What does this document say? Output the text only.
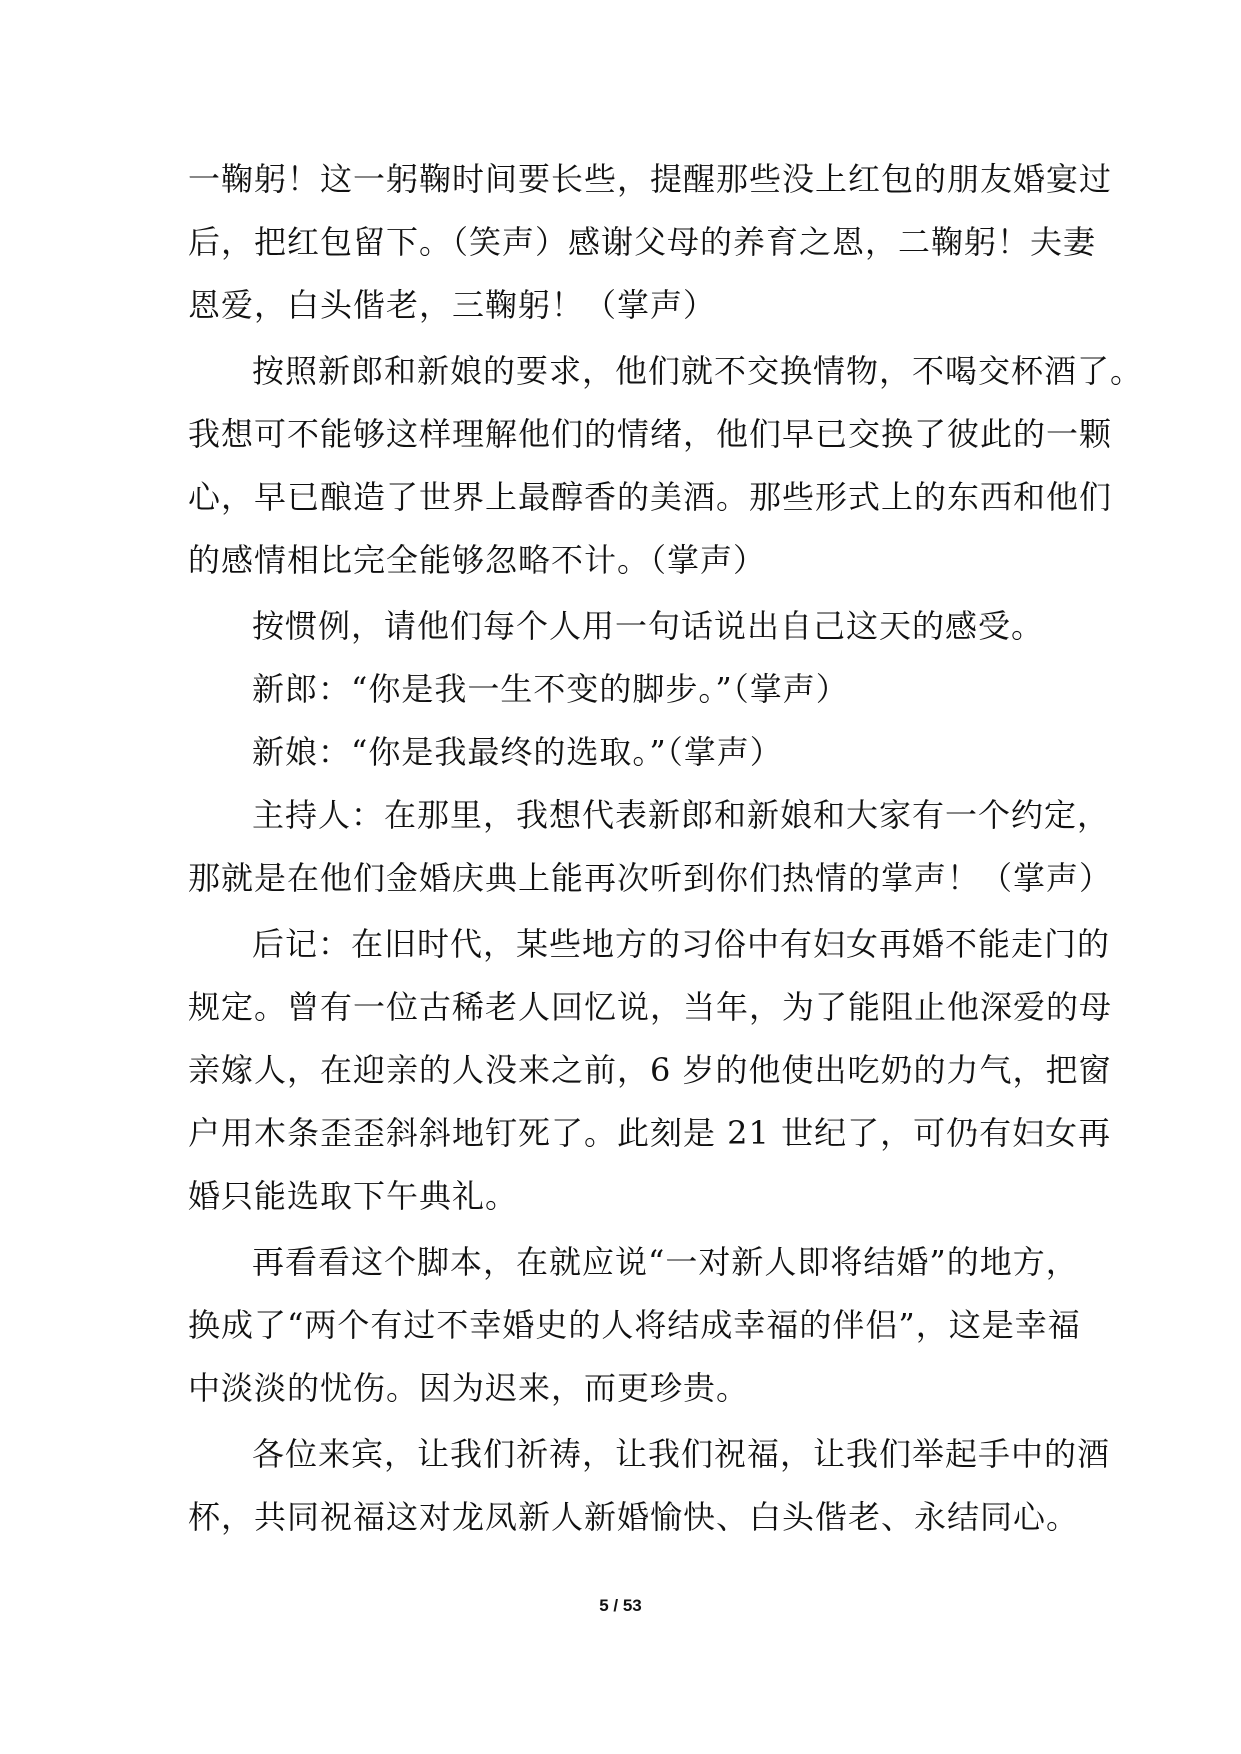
一鞠躬！这一躬鞠时间要长些，提醒那些没上红包的朋友婚宴过
后，把红包留下。（笑声）感谢父母的养育之恩，二鞠躬！夫妻
恩爱，白头偕老，三鞠躬！（掌声）
按照新郎和新娘的要求，他们就不交换情物，不喝交杯酒了。
我想可不能够这样理解他们的情绪，他们早已交换了彼此的一颗
心，早已酿造了世界上最醇香的美酒。那些形式上的东西和他们
的感情相比完全能够忽略不计。（掌声）
按惯例，请他们每个人用一句话说出自己这天的感受。
新郎：“你是我一生不变的脚步。”（掌声）
新娘：“你是我最终的选取。”（掌声）
主持人：在那里，我想代表新郎和新娘和大家有一个约定，
那就是在他们金婚庆典上能再次听到你们热情的掌声！（掌声）
后记：在旧时代，某些地方的习俗中有妇女再婚不能走门的
规定。曾有一位古稀老人回忆说，当年，为了能阻止他深爱的母
亲嫁人，在迎亲的人没来之前，6 岁的他使出吃奶的力气，把窗
户用木条歪歪斜斜地钉死了。此刻是 21 世纪了，可仍有妇女再
婚只能选取下午典礼。
再看看这个脚本，在就应说“一对新人即将结婚”的地方，
换成了“两个有过不幸婚史的人将结成幸福的伴侣”，这是幸福
中淡淡的忧伤。因为迟来，而更珍贵。
各位来宾，让我们祈祷，让我们祝福，让我们举起手中的酒
杯，共同祝福这对龙凤新人新婚愉快、白头偕老、永结同心。
5 / 53
